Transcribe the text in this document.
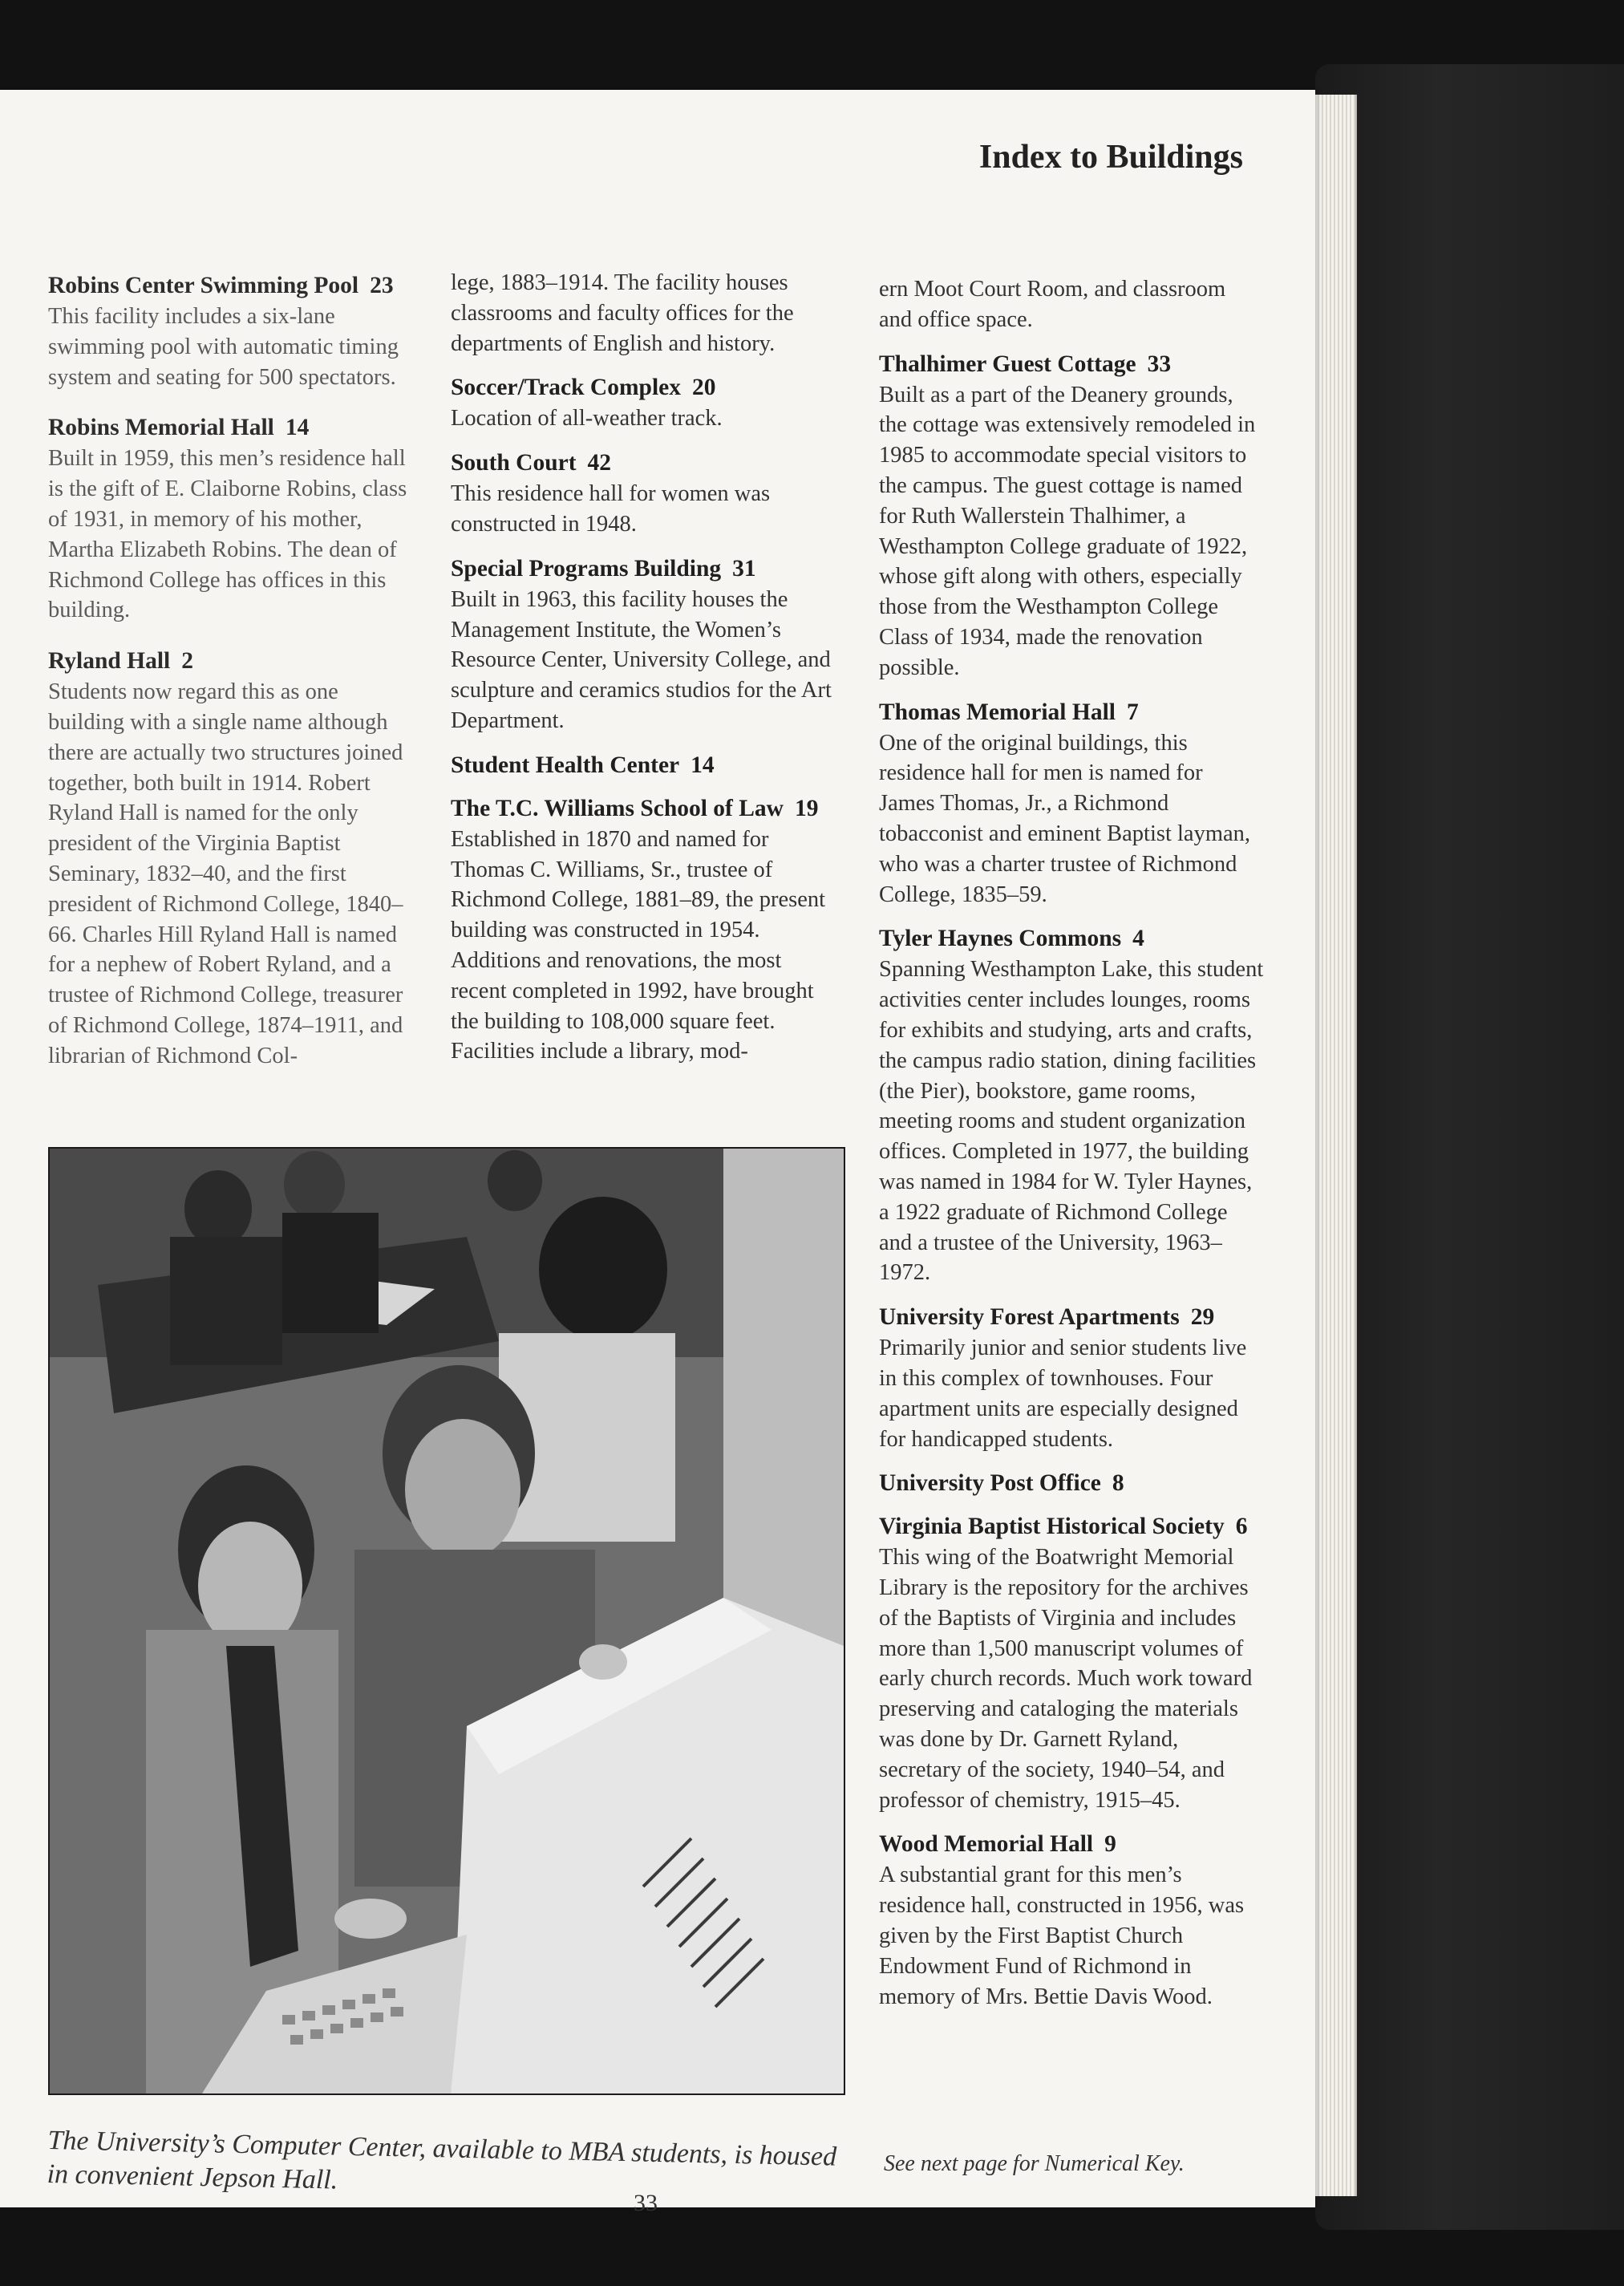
Index to Buildings

Robins Center Swimming Pool 23

This facility includes a six-lane swimming pool with automatic timing system and seating for 500 spectators.

Robins Memorial Hall 14

Built in 1959, this men’s residence hall is the gift of E. Claiborne Robins, class of 1931, in memory of his mother, Martha Elizabeth Robins. The dean of Richmond College has offices in this building.

Ryland Hall 2

Students now regard this as one building with a single name although there are actually two structures joined together, both built in 1914. Robert Ryland Hall is named for the only president of the Virginia Baptist Seminary, 1832–40, and the first president of Richmond College, 1840–66. Charles Hill Ryland Hall is named for a nephew of Robert Ryland, and a trustee of Richmond College, treasurer of Richmond College, 1874–1911, and librarian of Richmond Col-

lege, 1883–1914. The facility houses classrooms and faculty offices for the departments of English and history.

Soccer/Track Complex 20

Location of all-weather track.

South Court 42

This residence hall for women was constructed in 1948.

Special Programs Building 31

Built in 1963, this facility houses the Management Institute, the Women’s Resource Center, University College, and sculpture and ceramics studios for the Art Department.

Student Health Center 14

The T.C. Williams School of Law 19

Established in 1870 and named for Thomas C. Williams, Sr., trustee of Richmond College, 1881–89, the present building was constructed in 1954. Additions and renovations, the most recent completed in 1992, have brought the building to 108,000 square feet. Facilities include a library, mod-

ern Moot Court Room, and classroom and office space.

Thalhimer Guest Cottage 33

Built as a part of the Deanery grounds, the cottage was extensively remodeled in 1985 to accommodate special visitors to the campus. The guest cottage is named for Ruth Wallerstein Thalhimer, a Westhampton College graduate of 1922, whose gift along with others, especially those from the Westhampton College Class of 1934, made the renovation possible.

Thomas Memorial Hall 7

One of the original buildings, this residence hall for men is named for James Thomas, Jr., a Richmond tobacconist and eminent Baptist layman, who was a charter trustee of Richmond College, 1835–59.

Tyler Haynes Commons 4

Spanning Westhampton Lake, this student activities center includes lounges, rooms for exhibits and studying, arts and crafts, the campus radio station, dining facilities (the Pier), bookstore, game rooms, meeting rooms and student organization offices. Completed in 1977, the building was named in 1984 for W. Tyler Haynes, a 1922 graduate of Richmond College and a trustee of the University, 1963–1972.

University Forest Apartments 29

Primarily junior and senior students live in this complex of townhouses. Four apartment units are especially designed for handicapped students.

University Post Office 8

Virginia Baptist Historical Society 6

This wing of the Boatwright Memorial Library is the repository for the archives of the Baptists of Virginia and includes more than 1,500 manuscript volumes of early church records. Much work toward preserving and cataloging the materials was done by Dr. Garnett Ryland, secretary of the society, 1940–54, and professor of chemistry, 1915–45.

Wood Memorial Hall 9

A substantial grant for this men’s residence hall, constructed in 1956, was given by the First Baptist Church Endowment Fund of Richmond in memory of Mrs. Bettie Davis Wood.

The University’s Computer Center, available to MBA students, is housed in convenient Jepson Hall.	See next page for Numerical Key.

33
